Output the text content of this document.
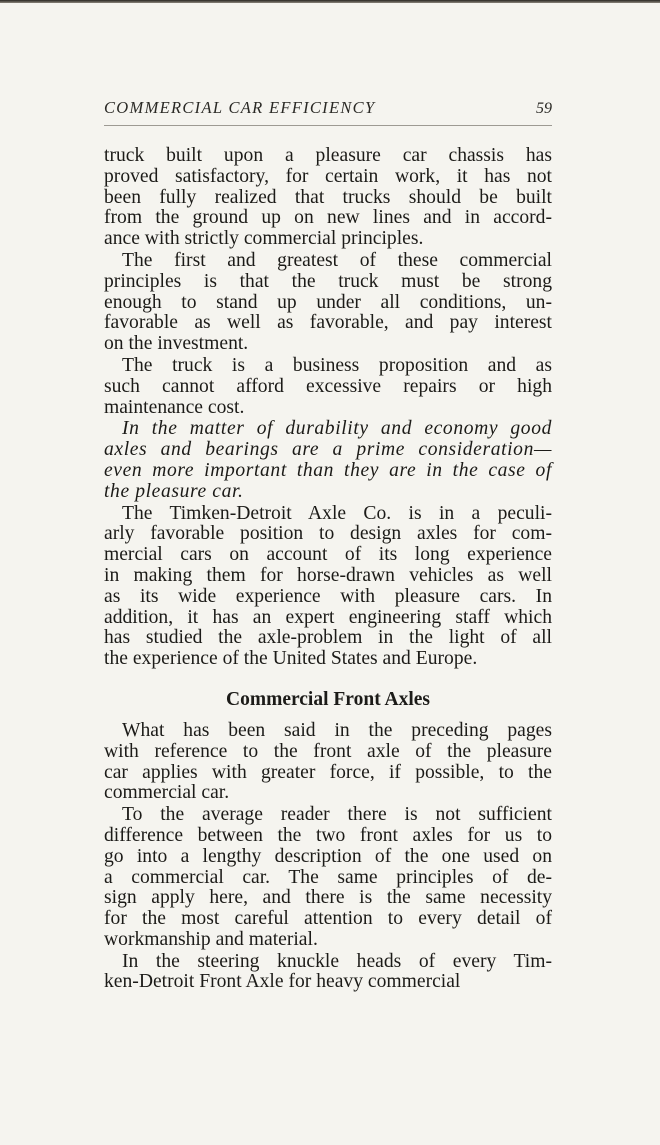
COMMERCIAL CAR EFFICIENCY	59

truck built upon a pleasure car chassis has
proved satisfactory, for certain work, it has not
been fully realized that trucks should be built
from the ground up on new lines and in accord-
ance with strictly commercial principles.

The first and greatest of these commercial
principles is that the truck must be strong
enough to stand up under all conditions, un-
favorable as well as favorable, and pay interest
on the investment.

The truck is a business proposition and as
such cannot afford excessive repairs or high
maintenance cost.

In the matter of durability and economy good
axles and bearings are a prime consideration—
even more important than they are in the case of
the pleasure car.

The Timken-Detroit Axle Co. is in a peculi-
arly favorable position to design axles for com-
mercial cars on account of its long experience
in making them for horse-drawn vehicles as well
as its wide experience with pleasure cars. In
addition, it has an expert engineering staff which
has studied the axle-problem in the light of all
the experience of the United States and Europe.

Commercial Front Axles

What has been said in the preceding pages
with reference to the front axle of the pleasure
car applies with greater force, if possible, to the
commercial car.

To the average reader there is not sufficient
difference between the two front axles for us to
go into a lengthy description of the one used on
a commercial car. The same principles of de-
sign apply here, and there is the same necessity
for the most careful attention to every detail of
workmanship and material.

In the steering knuckle heads of every Tim-
ken-Detroit Front Axle for heavy commercial
